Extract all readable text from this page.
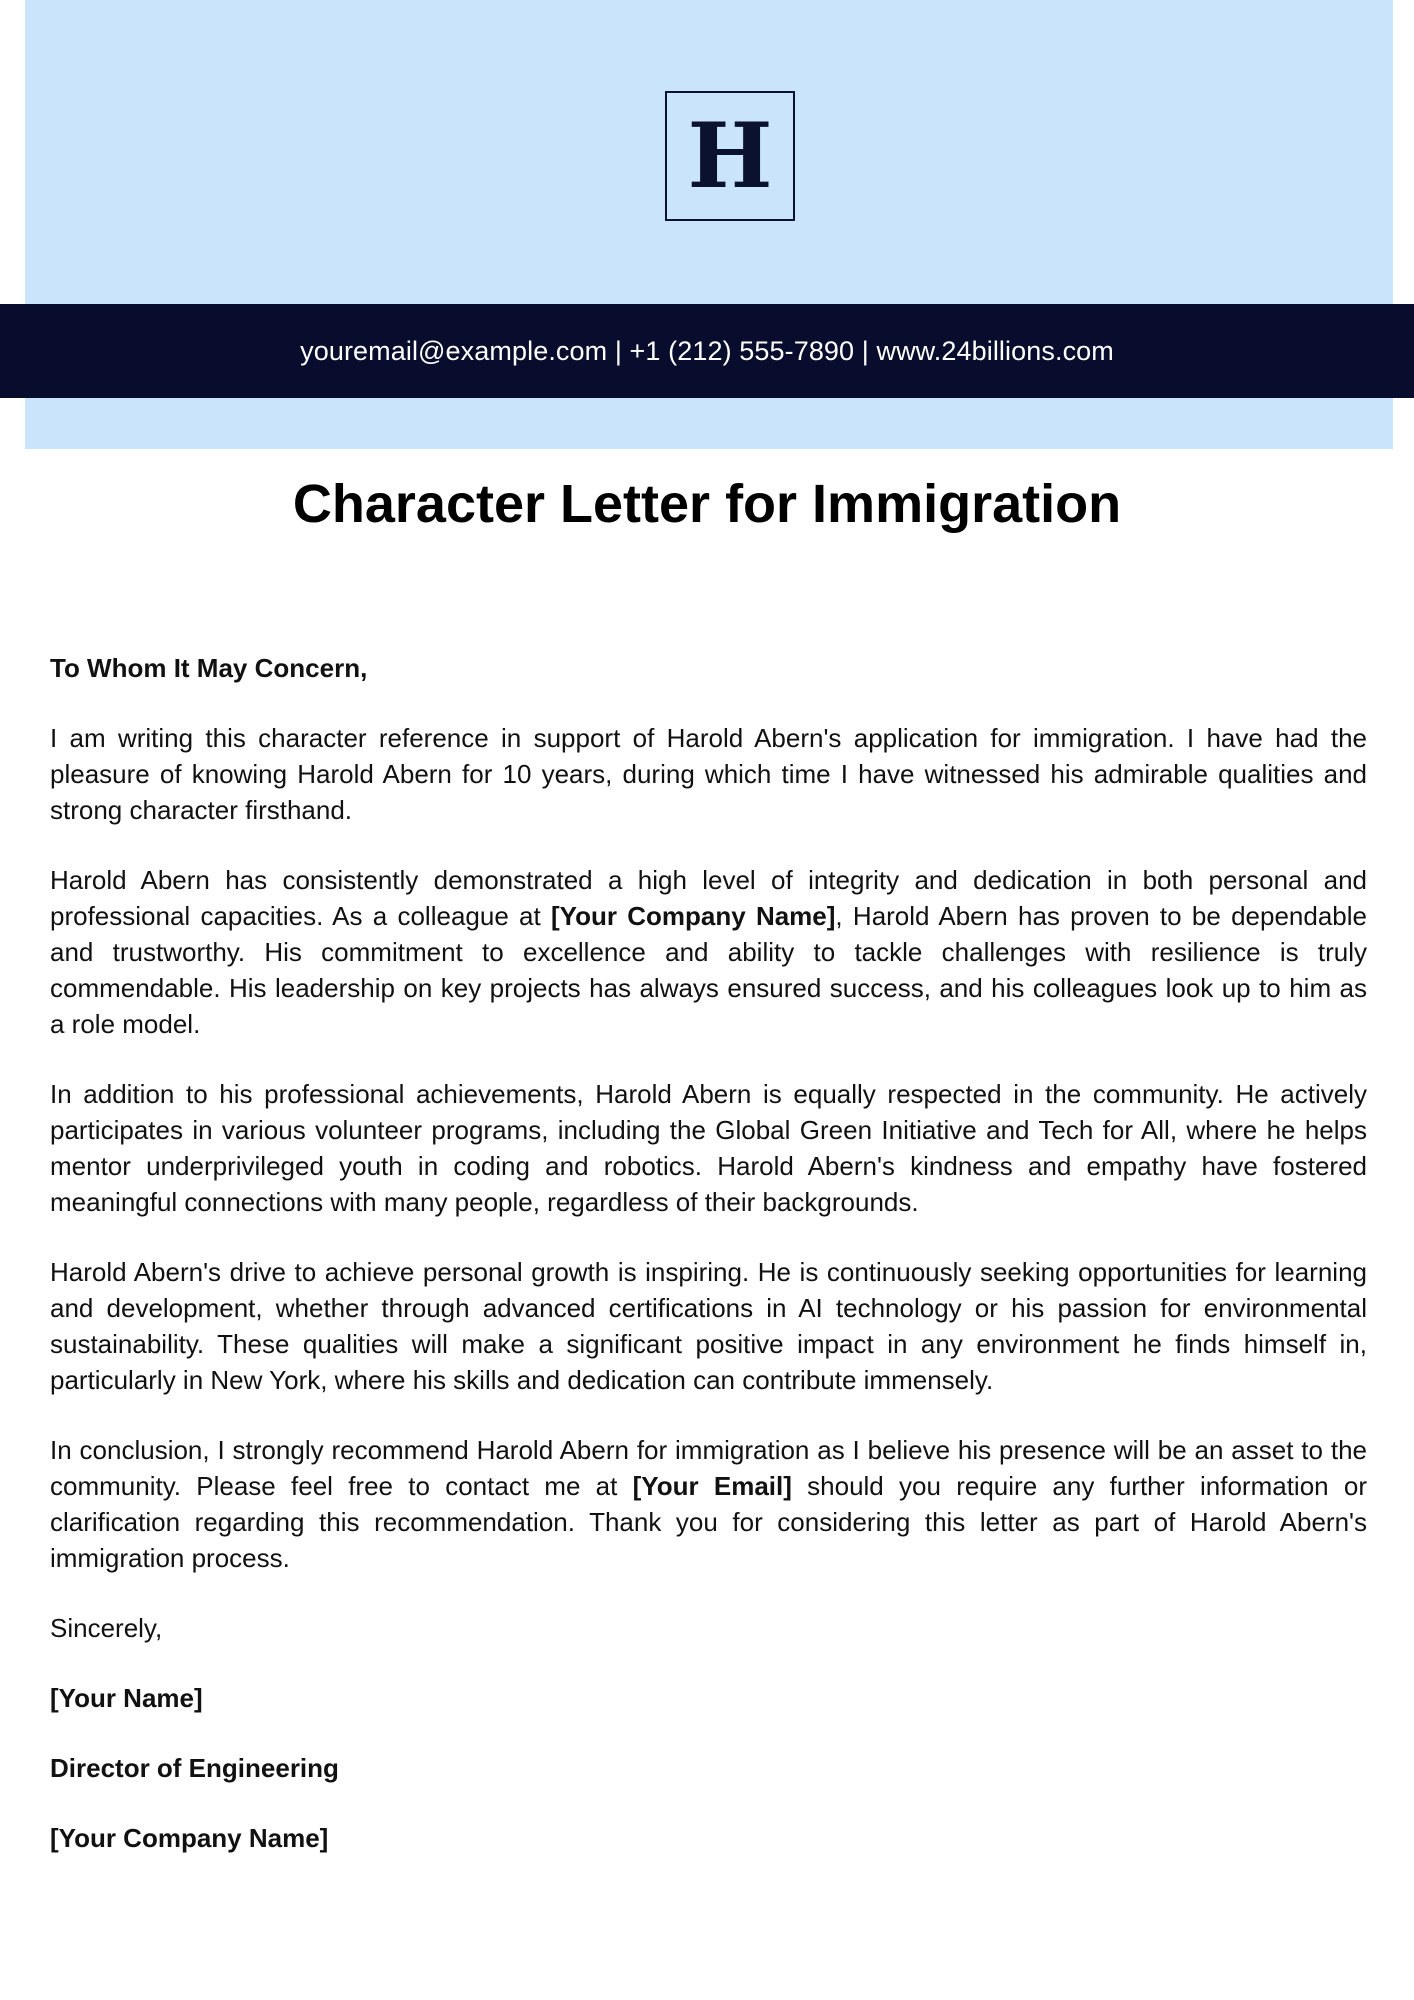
H
youremail@example.com | +1 (212) 555-7890 | www.24billions.com
Character Letter for Immigration

To Whom It May Concern,

I am writing this character reference in support of Harold Abern's application for immigration. I have had the pleasure of knowing Harold Abern for 10 years, during which time I have witnessed his admirable qualities and strong character firsthand.

Harold Abern has consistently demonstrated a high level of integrity and dedication in both personal and professional capacities. As a colleague at [Your Company Name], Harold Abern has proven to be dependable and trustworthy. His commitment to excellence and ability to tackle challenges with resilience is truly commendable. His leadership on key projects has always ensured success, and his colleagues look up to him as a role model.

In addition to his professional achievements, Harold Abern is equally respected in the community. He actively participates in various volunteer programs, including the Global Green Initiative and Tech for All, where he helps mentor underprivileged youth in coding and robotics. Harold Abern's kindness and empathy have fostered meaningful connections with many people, regardless of their backgrounds.

Harold Abern's drive to achieve personal growth is inspiring. He is continuously seeking opportunities for learning and development, whether through advanced certifications in AI technology or his passion for environmental sustainability. These qualities will make a significant positive impact in any environment he finds himself in, particularly in New York, where his skills and dedication can contribute immensely.

In conclusion, I strongly recommend Harold Abern for immigration as I believe his presence will be an asset to the community. Please feel free to contact me at [Your Email] should you require any further information or clarification regarding this recommendation. Thank you for considering this letter as part of Harold Abern's immigration process.

Sincerely,

[Your Name]

Director of Engineering

[Your Company Name]
